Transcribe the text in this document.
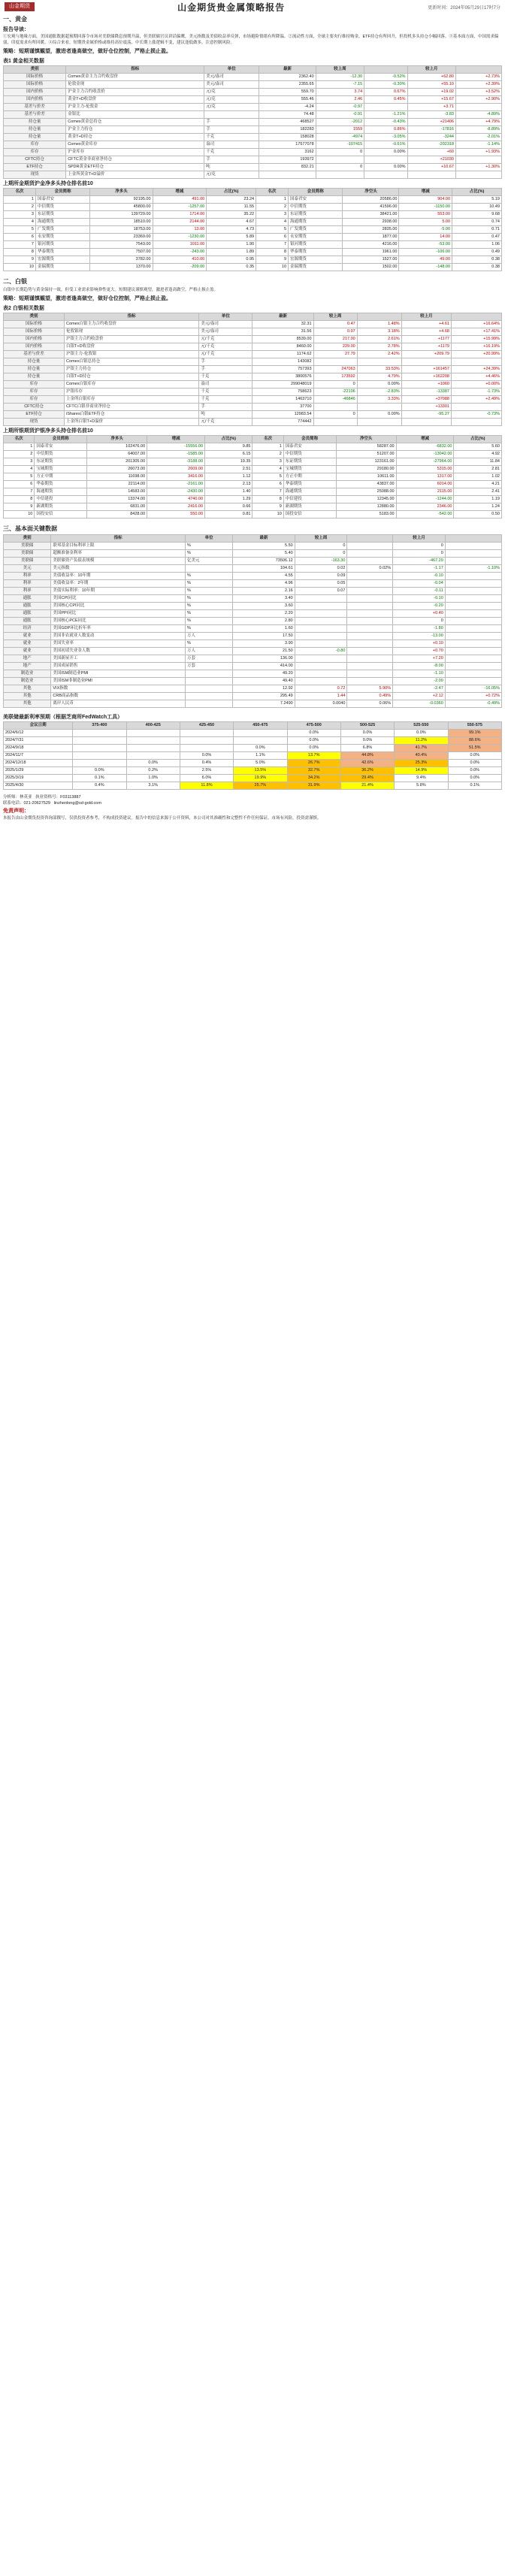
山金期货	山金期货贵金属策略报告	更新时间：2024年05月29日17时7分
一、黄金
报告导读：
①宏观与地缘方面，美国通胀数据超预期回落令市场对美联储降息预期升温，但美联储官员讲话偏鹰，美元指数及美债收益率反弹，市场避险情绪有所降温。②流动性方面，全球主要央行维持购金，ETF持仓有所回升，但投机多头持仓小幅回落。③基本面方面，中国需求偏弱，印度需求有所回暖。④综合来看，短期贵金属价格或维持高位震荡，中长期上涨逻辑不变，建议逢低做多，注意控制风险。
策略：短期谨慎観望，激进者逢高做空，做好仓位控制，严格止损止盈。
表1 黄金相关数据
类别	指标	单位	最新	较上周		较上月	
国际价格	Comex黄金主力合约收盘价	美元/盎司	2362.40	-12.30	-0.52%	+62.80	+2.73%
国际价格	伦敦金现	美元/盎司	2355.65	-7.15	-0.30%	+55.10	+2.39%
国内价格	沪金主力合约收盘价	元/克	559.70	3.74	0.67%	+19.02	+3.52%
国内价格	黄金T+D收盘价	元/克	555.46	2.46	0.45%	+15.67	+2.90%
基差与价差	沪金主力-伦敦金	元/克	-4.24	-0.97		+3.71	
基差与价差	金银比		74.48	-0.91	-1.21%	-3.83	-4.89%
持仓量	Comex黄金总持仓	手	468527	-2012	-0.43%	+21406	+4.79%
持仓量	沪金主力持仓	手	182283	1559	0.86%	-17816	-8.89%
持仓量	黄金T+D持仓	千克	158028	-4974	-3.05%	-3244	-2.01%
库存	Comex黄金库存	盎司	17577078	-107415	-0.61%	-202318	-1.14%
库存	沪金库存	千克	3162	0	0.00%	+60	+1.93%
CFTC持仓	CFTC黄金非商业净持仓	手	193972			+21030	
ETF持仓	SPDR黄金ETF持仓	吨	832.21	0	0.00%	+10.67	+1.30%
现货	上金所黄金T+D溢价	元/克					
上期所金期货沪金净多头持仓排名前10
名次	会员简称	净多头	增减	占比(%)	名次	会员简称	净空头	增减	占比(%)
1	国泰君安	92195.00	491.00	23.24	1	国泰君安	20586.00	904.00	5.19
2	中信期货	45800.00	-1257.00	11.55	2	中信期货	41596.00	-1150.00	10.49
3	东证期货	139729.00	1714.00	35.22	3	东证期货	38421.00	553.00	9.68
4	海通期货	18510.00	2144.00	4.67	4	海通期货	2938.00	5.00	0.74
5	广发期货	18753.00	13.00	4.73	5	广发期货	2835.00	-5.00	0.71
6	永安期货	23369.00	-1230.00	5.89	6	永安期货	1877.00	14.00	0.47
7	银河期货	7543.00	1011.00	1.90	7	银河期货	4216.00	-53.00	1.06
8	华泰期货	7507.00	-243.00	1.89	8	华泰期货	1961.00	-106.00	0.49
9	宏源期货	3782.00	410.00	0.95	9	宏源期货	1527.00	49.00	0.38
10	金瑞期货	1370.00	-209.00	0.35	10	金瑞期货	1502.00	-148.00	0.38
二、白银
白银中长期趋势与黄金保持一致，但受工业需求影响弹性更大。短期建议谨慎观望，激进者逢高做空，严格止损止盈。
策略：短期谨慎観望，激进者逢高做空，做好仓位控制，严格止损止盈。
表2 白银相关数据
类别	指标	单位	最新	较上周		较上月	
国际价格	Comex白银主力合约收盘价	美元/盎司	32.31	0.47	1.48%	+4.61	+16.64%
国际价格	伦敦银现	美元/盎司	31.56	0.97	3.18%	+4.68	+17.41%
国内价格	沪银主力合约收盘价	元/千克	8539.00	217.00	2.61%	+1177	+15.99%
国内价格	白银T+D收盘价	元/千克	8460.00	229.00	2.78%	+1179	+16.19%
基差与价差	沪银主力-伦敦银	元/千克	1174.62	27.79	2.42%	+209.79	+20.99%
持仓量	Comex白银总持仓	手	143082				
持仓量	沪银主力持仓	手	757393	247063	33.53%	+161457	+24.39%
持仓量	白银T+D持仓	千克	3800576	173592	4.79%	+162208	+4.46%
库存	Comex白银库存	盎司	299048019	0	0.00%	+1060	+0.00%
库存	沪银库存	千克	758623	-22106	-2.83%	-13387	-1.73%
库存	上金所白银库存	千克	1463710	-46846	3.33%	+37088	+2.49%
CFTC持仓	CFTC白银非商业净持仓	手	37700			+13301	
ETF持仓	iShares白银ETF持仓	吨	12983.54	0	0.00%	-95.27	-0.73%
现货	上金所白银T+D溢价	元/千克	774442				
上期所银期货沪银净多头持仓排名前10
名次	会员简称	净多头	增减	占比(%)	名次	会员简称	净空头	增减	占比(%)
1	国泰君安	102476.00	-15556.00	9.85	1	国泰君安	58287.00	-6832.00	5.60
2	中信期货	64007.00	-1585.00	6.15	2	中信期货	51207.00	-13042.00	4.92
3	东证期货	201305.00	-3188.00	19.35	3	东证期货	123161.00	-27964.00	11.84
4	宝城期货	26073.00	2609.00	2.51	4	宝城期货	29180.00	5315.00	2.81
5	方正中期	11698.00	3416.00	1.12	5	方正中期	10611.00	1317.00	1.02
6	华泰期货	22114.00	-2161.00	2.13	6	华泰期货	43837.00	6014.00	4.21
7	海通期货	14583.00	-2430.00	1.40	7	海通期货	25088.00	2115.00	2.41
8	中信建投	13374.00	4740.00	1.29	8	中信建投	12345.00	-1244.00	1.19
9	新湖期货	6831.00	2416.00	0.66	9	新湖期货	12880.00	2346.00	1.24
10	国投安信	8428.00	550.00	0.81	10	国投安信	5183.00	-542.00	0.50
三、基本面关键数据
类别	指标	单位	最新	较上周		较上月	
美联储	联邦基金目标利率上限	%	5.50	0		0	
美联储	超额准备金利率	%	5.40	0		0	
美联储	美联储资产负债表规模	亿美元	73506.12	-163.30		-467.29	
美元	美元指数		104.61	0.02	0.02%	-1.17	-1.10%
利率	美债收益率：10年期	%	4.55	0.09		-0.10	
利率	美债收益率：2年期	%	4.96	0.05		-0.04	
利率	美债实际利率：10年期	%	2.16	0.07		-0.11	
通胀	美国CPI同比	%	3.40			-0.10	
通胀	美国核心CPI同比	%	3.60			-0.20	
通胀	美国PPI同比	%	2.20			+0.40	
通胀	美国核心PCE同比	%	2.80			0	
经济	美国GDP环比折年率	%	1.60			-1.80	
就业	美国非农就业人数变动	万人	17.50			-13.00	
就业	美国失业率	%	3.90			+0.10	
就业	美国初请失业金人数	万人	21.50	-0.80		+0.70	
地产	美国新屋开工	万套	136.00			+7.20	
地产	美国成屋销售	万套	414.00			-8.00	
制造业	美国ISM制造业PMI		49.20			-1.10	
制造业	美国ISM非制造业PMI		49.40			-2.00	
其他	VIX指数		12.92	0.72	5.90%	-2.47	-16.05%
其他	CRB商品指数		295.49	1.44	0.49%	+2.12	+0.72%
其他	离岸人民币		7.2490	0.0040	0.06%	-0.0360	-0.49%
美联储最新利率预期（根据芝商所FedWatch工具）
会议日期	375-400	400-425	425-450	450-475	475-500	500-525	525-550	550-575
2024/6/12					0.0%	0.0%	0.0%	99.1%
2024/7/31					0.0%	0.0%	11.2%	88.6%
2024/9/18				0.0%	0.0%	6.8%	41.7%	51.5%
2024/11/7			0.0%	1.1%	13.7%	44.8%	40.4%	0.0%
2024/12/18		0.0%	0.4%	5.0%	26.7%	42.6%	25.3%	0.0%
2025/1/29	0.0%	0.2%	2.5%	13.5%	32.7%	36.2%	14.9%	0.0%
2025/3/19	0.1%	1.0%	6.0%	19.9%	34.2%	29.4%	9.4%	0.0%
2025/4/30	0.4%	3.1%	11.8%	25.7%	31.9%	21.4%	5.8%	0.1%
分析师：林英亚 执业资格号：F03113887
联系电话：021-20627529 linzhenlong@sd-gold.com
免责声明：
本报告由山金期货投资咨询部撰写，仅供投资者参考，不构成投资建议。报告中的信息来源于公开资料，本公司对其准确性和完整性不作任何保证。市场有风险，投资需谨慎。
